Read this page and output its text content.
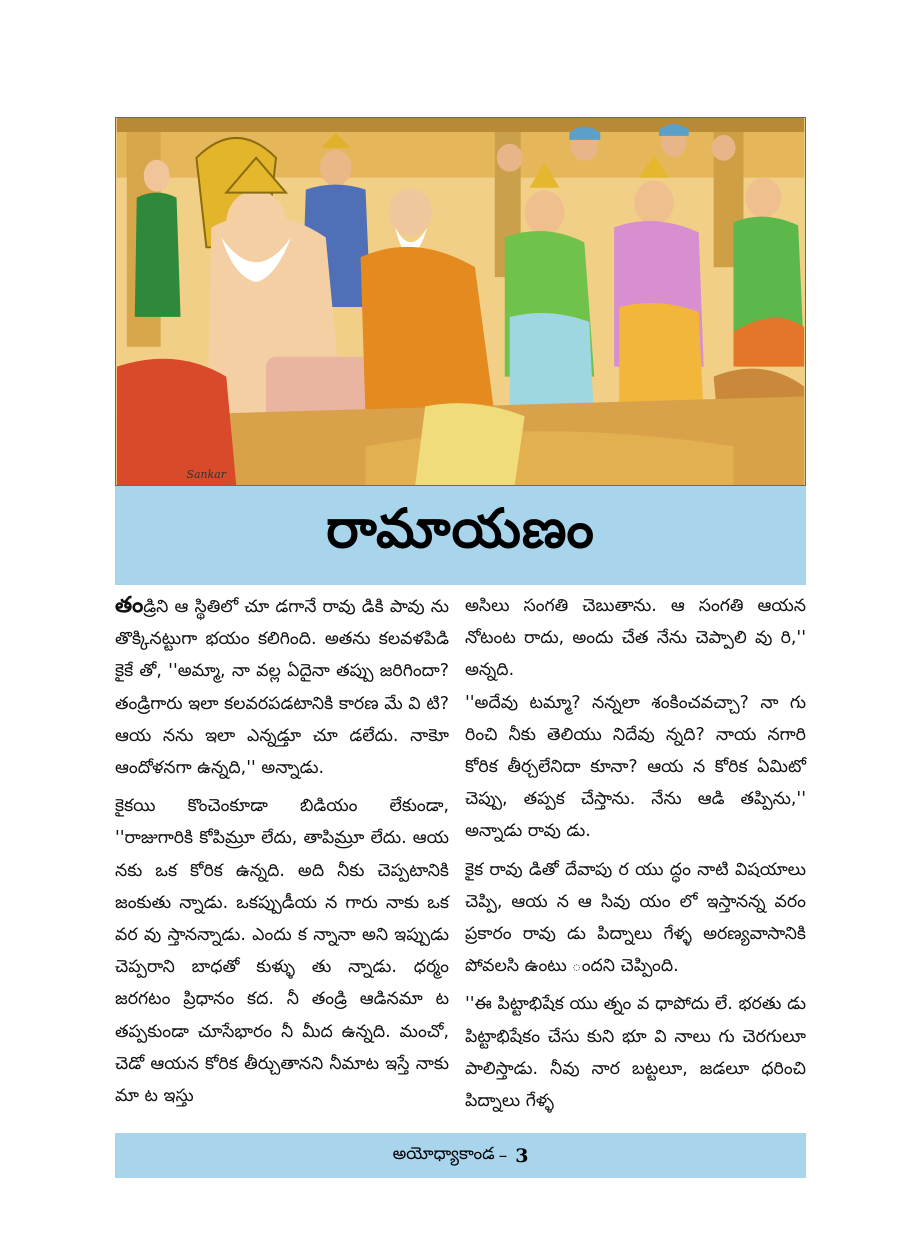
Sankar
రామాయణం

తండ్రిని ఆ స్థితిలో చూ డగానే రావు డికి పావు ను తొక్కినట్టుగా భయం కలిగింది. అతను కలవళపిడి కైకే తో, ''అమ్మా, నా వల్ల ఏదైనా తప్పు జరిగిందా? తండ్రిగారు ఇలా కలవరపడటానికి కారణ మే వి టి? ఆయ నను ఇలా ఎన్నడ్తూ చూ డలేదు. నాకెూ ఆందోళనగా ఉన్నది,'' అన్నాడు.

కైకయి కొంచెంకూడా బిడియం లేకుండా, ''రాజుగారికి కోపిమ్రూ లేదు, తాపిమ్రూ లేదు. ఆయ నకు ఒక కోరిక ఉన్నది. అది నీకు చెప్పటానికి జంకుతు న్నాడు. ఒకప్పుడీయ న గారు నాకు ఒక వర వు స్తానన్నాడు. ఎందు క న్నానా అని ఇప్పుడు చెప్పరాని బాధతో కుళ్ళు తు న్నాడు. ధర్మం జరగటం ప్రిధానం కద. నీ తండ్రి ఆడినమా ట తప్పకుండా చూసేభారం నీ మీద ఉన్నది. మంచో, చెడో ఆయన కోరిక తీర్చుతానని నీమాట ఇస్తే నాకు మా ట ఇస్తు

అసిలు సంగతి చెబుతాను. ఆ సంగతి ఆయన నోటంట రాదు, అందు చేత నేను చెప్పాలి వు రి,'' అన్నది.

''అదేవు టమ్మా? నన్నలా శంకించవచ్చా? నా గు రించి నీకు తెలియు నిదేవు న్నది? నాయ నగారి కోరిక తీర్చలేనిదా కూనా? ఆయ న కోరిక ఏమిటో చెప్పు, తప్పక చేస్తాను. నేను ఆడి తప్పిను,'' అన్నాడు రావు డు.

కైక రావు డితో దేవాపు ర యు ద్ధం నాటి విషయాలు చెప్పి, ఆయ న ఆ సివు యం లో ఇస్తానన్న వరం ప్రకారం రావు డు పిద్నాలు గేళ్ళ అరణ్యవాసానికి పోవలసి ఉంటు ందని చెప్పింది.

''ఈ పిట్టాభిషేక యు త్నం వ ధాపోదు లే. భరతు డు పిట్టాభిషేకం చేసు కుని భూ వి నాలు గు చెరగులూ పాలిస్తాడు. నీవు నార బట్టలూ, జడలూ ధరించి పిద్నాలు గేళ్ళ

అయోధ్యాకాండ – 3
